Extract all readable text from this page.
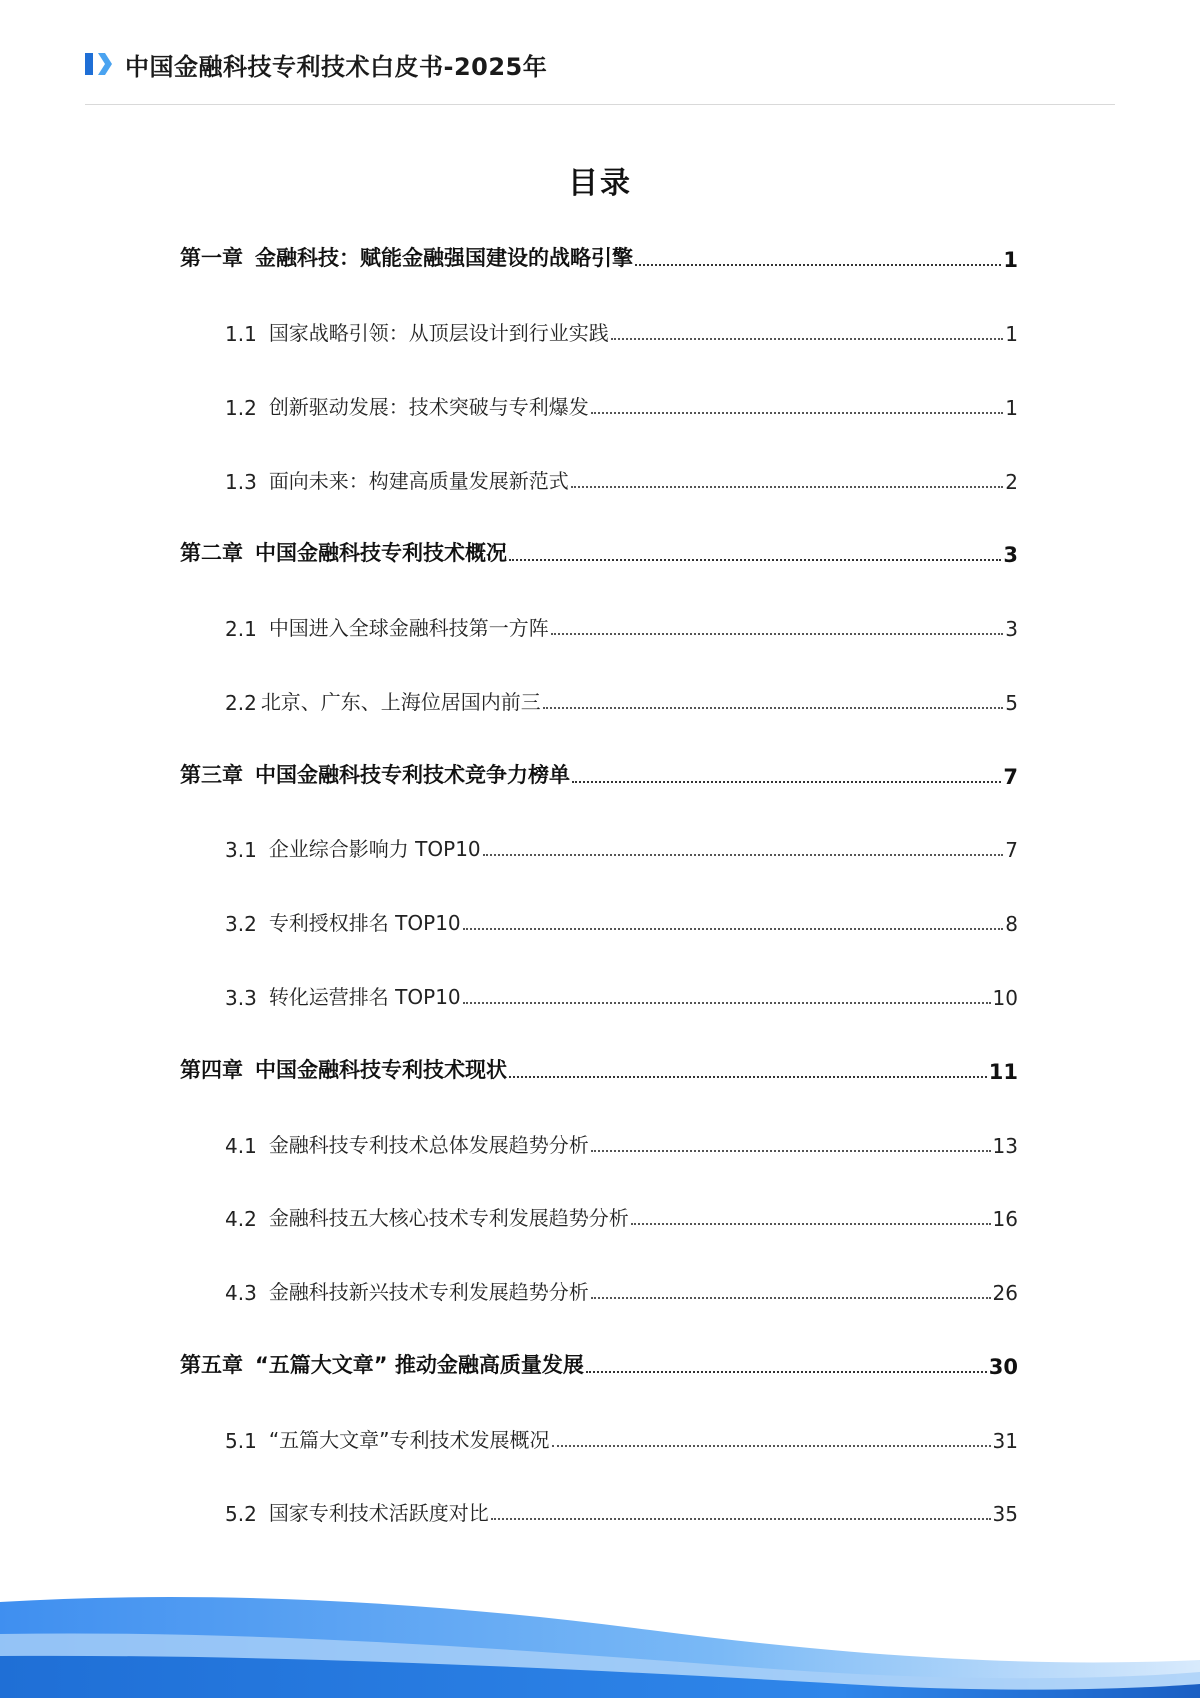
中国金融科技专利技术白皮书-2025年
目录
第一章 金融科技：赋能金融强国建设的战略引擎	1
1.1 国家战略引领：从顶层设计到行业实践	1
1.2 创新驱动发展：技术突破与专利爆发	1
1.3 面向未来：构建高质量发展新范式	2
第二章 中国金融科技专利技术概况	3
2.1 中国进入全球金融科技第一方阵	3
2.2 北京、广东、上海位居国内前三	5
第三章 中国金融科技专利技术竞争力榜单	7
3.1 企业综合影响力 TOP10	7
3.2 专利授权排名 TOP10	8
3.3 转化运营排名 TOP10	10
第四章 中国金融科技专利技术现状	11
4.1 金融科技专利技术总体发展趋势分析	13
4.2 金融科技五大核心技术专利发展趋势分析	16
4.3 金融科技新兴技术专利发展趋势分析	26
第五章 “五篇大文章” 推动金融高质量发展	30
5.1 “五篇大文章”专利技术发展概况	31
5.2 国家专利技术活跃度对比	35
